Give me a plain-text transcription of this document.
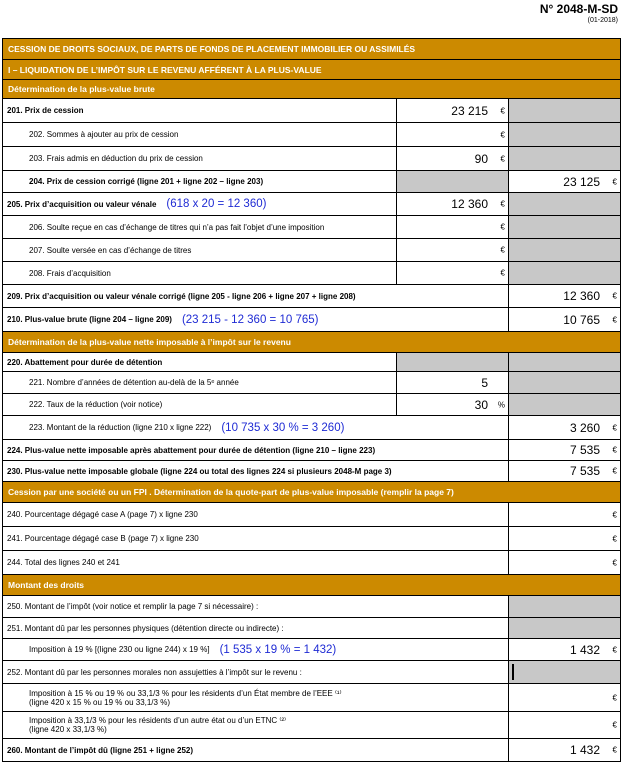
N° 2048-M-SD
(01-2018)
CESSION DE DROITS SOCIAUX, DE PARTS DE FONDS DE PLACEMENT IMMOBILIER OU ASSIMILÉS
I – LIQUIDATION DE L’IMPÔT SUR LE REVENU AFFÉRENT À LA PLUS-VALUE
Détermination de la plus-value brute
201. Prix de cession	23 215 €
202. Sommes à ajouter au prix de cession	€
203. Frais admis en déduction du prix de cession	90 €
204. Prix de cession corrigé (ligne 201 + ligne 202 – ligne 203)	23 125 €
205. Prix d’acquisition ou valeur vénale (618 x 20 = 12 360)	12 360 €
206. Soulte reçue en cas d’échange de titres qui n’a pas fait l’objet d’une imposition	€
207. Soulte versée en cas d’échange de titres	€
208. Frais d’acquisition	€
209. Prix d’acquisition ou valeur vénale corrigé (ligne 205 - ligne 206 + ligne 207 + ligne 208)	12 360 €
210. Plus-value brute (ligne 204 – ligne 209) (23 215 - 12 360 = 10 765)	10 765 €
Détermination de la plus-value nette imposable à l’impôt sur le revenu
220. Abattement pour durée de détention
221. Nombre d’années de détention au-delà de la 5ᵉ année	5
222. Taux de la réduction (voir notice)	30 %
223. Montant de la réduction (ligne 210 x ligne 222) (10 735 x 30 % = 3 260)	3 260 €
224. Plus-value nette imposable après abattement pour durée de détention (ligne 210 – ligne 223)	7 535 €
230. Plus-value nette imposable globale (ligne 224 ou total des lignes 224 si plusieurs 2048-M page 3)	7 535 €
Cession par une société ou un FPI . Détermination de la quote-part de plus-value imposable (remplir la page 7)
240. Pourcentage dégagé case A (page 7) x ligne 230	€
241. Pourcentage dégagé case B (page 7) x ligne 230	€
244. Total des lignes 240 et 241	€
Montant des droits
250. Montant de l’impôt (voir notice et remplir la page 7 si nécessaire) :
251. Montant dû par les personnes physiques (détention directe ou indirecte) :
Imposition à 19 % [(ligne 230 ou ligne 244) x 19 %] (1 535 x 19 % = 1 432)	1 432 €
252. Montant dû par les personnes morales non assujetties à l’impôt sur le revenu :
Imposition à 15 % ou 19 % ou 33,1/3 % pour les résidents d’un État membre de l’EEE ⁽¹⁾
(ligne 420 x 15 % ou 19 % ou 33,1/3 %)	€
Imposition à 33,1/3 % pour les résidents d’un autre état ou d’un ETNC ⁽²⁾
(ligne 420 x 33,1/3 %)	€
260. Montant de l’impôt dû (ligne 251 + ligne 252)	1 432 €
